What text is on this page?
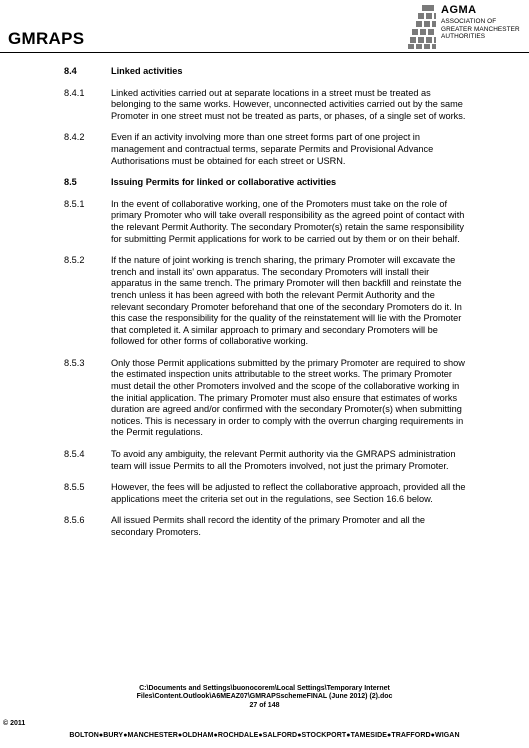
GMRAPS
AGMA
ASSOCIATION OF
GREATER MANCHESTER
AUTHORITIES
8.4	Linked activities
8.4.1	Linked activities carried out at separate locations in a street must be treated as belonging to the same works. However, unconnected activities carried out by the same Promoter in one street must not be treated as parts, or phases, of a single set of works.
8.4.2	Even if an activity involving more than one street forms part of one project in management and contractual terms, separate Permits and Provisional Advance Authorisations must be obtained for each street or USRN.
8.5	Issuing Permits for linked or collaborative activities
8.5.1	In the event of collaborative working, one of the Promoters must take on the role of primary Promoter who will take overall responsibility as the agreed point of contact with the relevant Permit Authority. The secondary Promoter(s) retain the same responsibility for submitting Permit applications for work to be carried out by them or on their behalf.
8.5.2	If the nature of joint working is trench sharing, the primary Promoter will excavate the trench and install its' own apparatus. The secondary Promoters will install their apparatus in the same trench. The primary Promoter will then backfill and reinstate the trench unless it has been agreed with both the relevant Permit Authority and the relevant secondary Promoter beforehand that one of the secondary Promoters do it. In this case the responsibility for the quality of the reinstatement will lie with the Promoter that completed it. A similar approach to primary and secondary Promoters will be followed for other forms of collaborative working.
8.5.3	Only those Permit applications submitted by the primary Promoter are required to show the estimated inspection units attributable to the street works. The primary Promoter must detail the other Promoters involved and the scope of the collaborative working in the initial application. The primary Promoter must also ensure that estimates of works duration are agreed and/or confirmed with the secondary Promoter(s) when submitting notices. This is necessary in order to comply with the overrun charging requirements in the Permit regulations.
8.5.4	To avoid any ambiguity, the relevant Permit authority via the GMRAPS administration team will issue Permits to all the Promoters involved, not just the primary Promoter.
8.5.5	However, the fees will be adjusted to reflect the collaborative approach, provided all the applications meet the criteria set out in the regulations, see Section 16.6 below.
8.5.6	All issued Permits shall record the identity of the primary Promoter and all the secondary Promoters.
C:\Documents and Settings\buonocorem\Local Settings\Temporary Internet
Files\Content.Outlook\A6MEAZ07\GMRAPSschemeFINAL (June 2012) (2).doc
27 of 148
© 2011
BOLTON●BURY●MANCHESTER●OLDHAM●ROCHDALE●SALFORD●STOCKPORT●TAMESIDE●TRAFFORD●WIGAN
